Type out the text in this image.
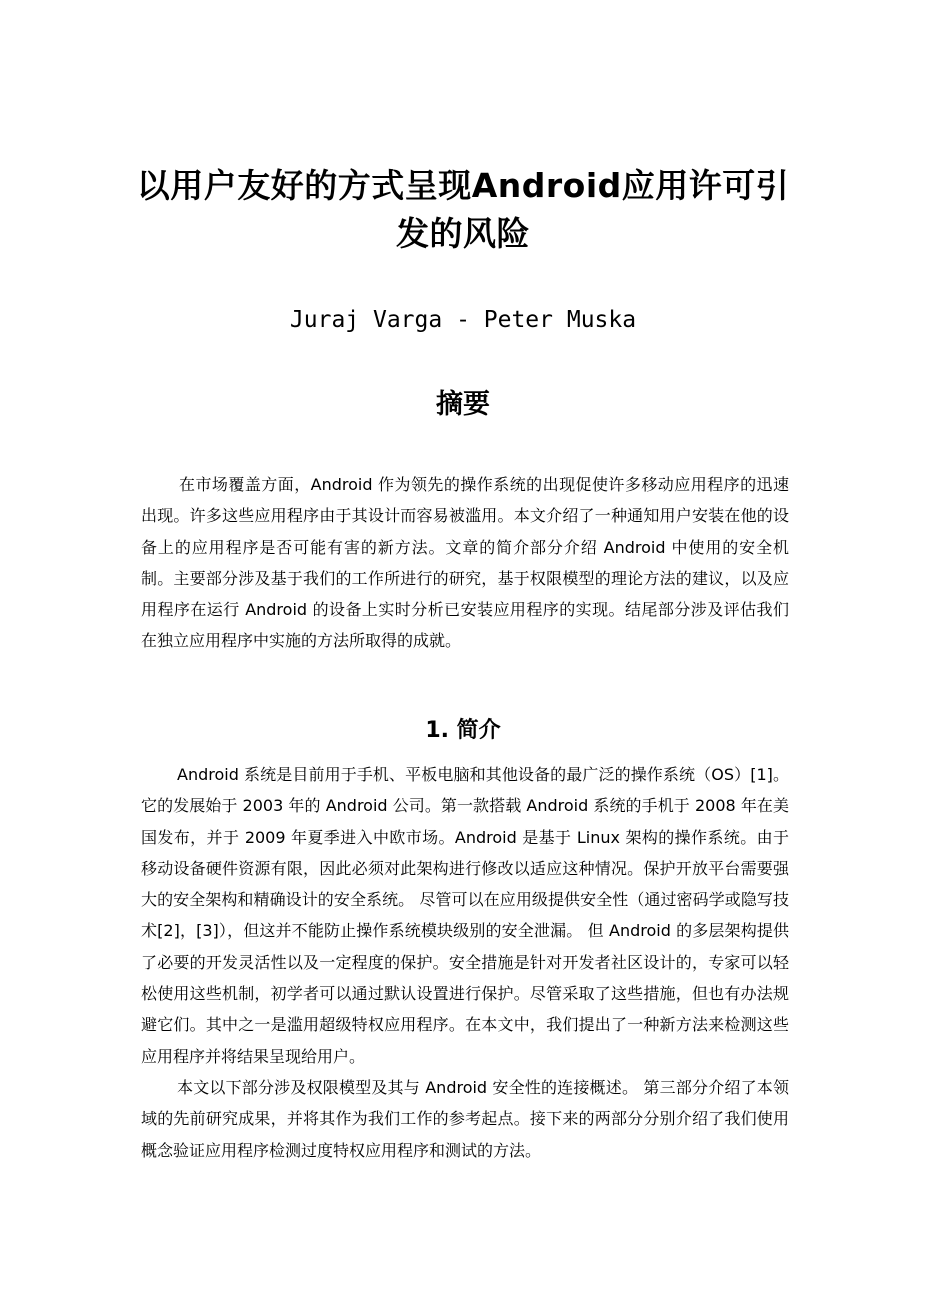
以用户友好的方式呈现Android应用许可引发的风险
Juraj Varga - Peter Muska
摘要

在市场覆盖方面，Android 作为领先的操作系统的出现促使许多移动应用程序的迅速出现。许多这些应用程序由于其设计而容易被滥用。本文介绍了一种通知用户安装在他的设备上的应用程序是否可能有害的新方法。文章的简介部分介绍 Android 中使用的安全机制。主要部分涉及基于我们的工作所进行的研究，基于权限模型的理论方法的建议，以及应用程序在运行 Android 的设备上实时分析已安装应用程序的实现。结尾部分涉及评估我们在独立应用程序中实施的方法所取得的成就。

1. 简介

Android 系统是目前用于手机、平板电脑和其他设备的最广泛的操作系统（OS）[1]。它的发展始于 2003 年的 Android 公司。第一款搭载 Android 系统的手机于 2008 年在美国发布，并于 2009 年夏季进入中欧市场。Android 是基于 Linux 架构的操作系统。由于移动设备硬件资源有限，因此必须对此架构进行修改以适应这种情况。保护开放平台需要强大的安全架构和精确设计的安全系统。 尽管可以在应用级提供安全性（通过密码学或隐写技术[2]，[3]），但这并不能防止操作系统模块级别的安全泄漏。 但 Android 的多层架构提供了必要的开发灵活性以及一定程度的保护。安全措施是针对开发者社区设计的，专家可以轻松使用这些机制，初学者可以通过默认设置进行保护。尽管采取了这些措施，但也有办法规避它们。其中之一是滥用超级特权应用程序。在本文中，我们提出了一种新方法来检测这些应用程序并将结果呈现给用户。

本文以下部分涉及权限模型及其与 Android 安全性的连接概述。 第三部分介绍了本领域的先前研究成果，并将其作为我们工作的参考起点。接下来的两部分分别介绍了我们使用概念验证应用程序检测过度特权应用程序和测试的方法。
